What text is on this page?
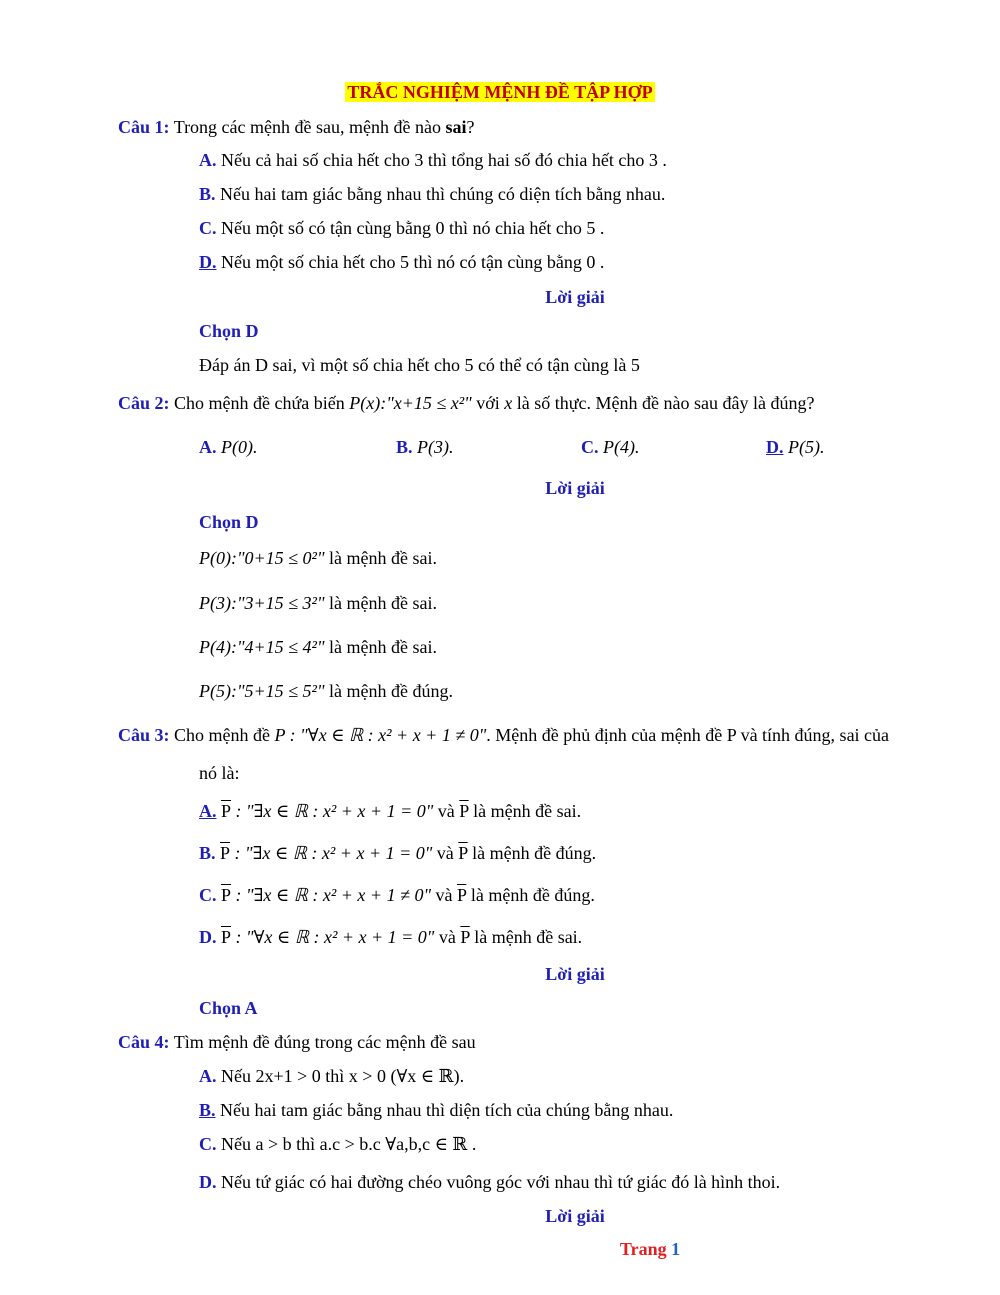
TRẮC NGHIỆM MỆNH ĐỀ TẬP HỢP
Câu 1: Trong các mệnh đề sau, mệnh đề nào sai?
A. Nếu cả hai số chia hết cho 3 thì tổng hai số đó chia hết cho 3 .
B. Nếu hai tam giác bằng nhau thì chúng có diện tích bằng nhau.
C. Nếu một số có tận cùng bằng 0 thì nó chia hết cho 5 .
D. Nếu một số chia hết cho 5 thì nó có tận cùng bằng 0 .
Lời giải
Chọn D
Đáp án D sai, vì một số chia hết cho 5 có thể có tận cùng là 5
Câu 2: Cho mệnh đề chứa biến P(x):"x+15 ≤ x²" với x là số thực. Mệnh đề nào sau đây là đúng?
A. P(0).	B. P(3).	C. P(4).	D. P(5).
Lời giải
Chọn D
P(0):"0+15 ≤ 0²" là mệnh đề sai.
P(3):"3+15 ≤ 3²" là mệnh đề sai.
P(4):"4+15 ≤ 4²" là mệnh đề sai.
P(5):"5+15 ≤ 5²" là mệnh đề đúng.
Câu 3: Cho mệnh đề P : "∀x ∈ ℝ : x² + x + 1 ≠ 0". Mệnh đề phủ định của mệnh đề P và tính đúng, sai của
nó là:
A. $\overline{P}$ : "∃x ∈ ℝ : x² + x + 1 = 0" và $\overline{P}$ là mệnh đề sai.
B. $\overline{P}$ : "∃x ∈ ℝ : x² + x + 1 = 0" và $\overline{P}$ là mệnh đề đúng.
C. $\overline{P}$ : "∃x ∈ ℝ : x² + x + 1 ≠ 0" và $\overline{P}$ là mệnh đề đúng.
D. $\overline{P}$ : "∀x ∈ ℝ : x² + x + 1 = 0" và $\overline{P}$ là mệnh đề sai.
Lời giải
Chọn A
Câu 4: Tìm mệnh đề đúng trong các mệnh đề sau
A. Nếu 2x+1 > 0 thì x > 0 (∀x ∈ ℝ).
B. Nếu hai tam giác bằng nhau thì diện tích của chúng bằng nhau.
C. Nếu a > b thì a.c > b.c ∀a,b,c ∈ ℝ .
D. Nếu tứ giác có hai đường chéo vuông góc với nhau thì tứ giác đó là hình thoi.
Lời giải
Trang 1
